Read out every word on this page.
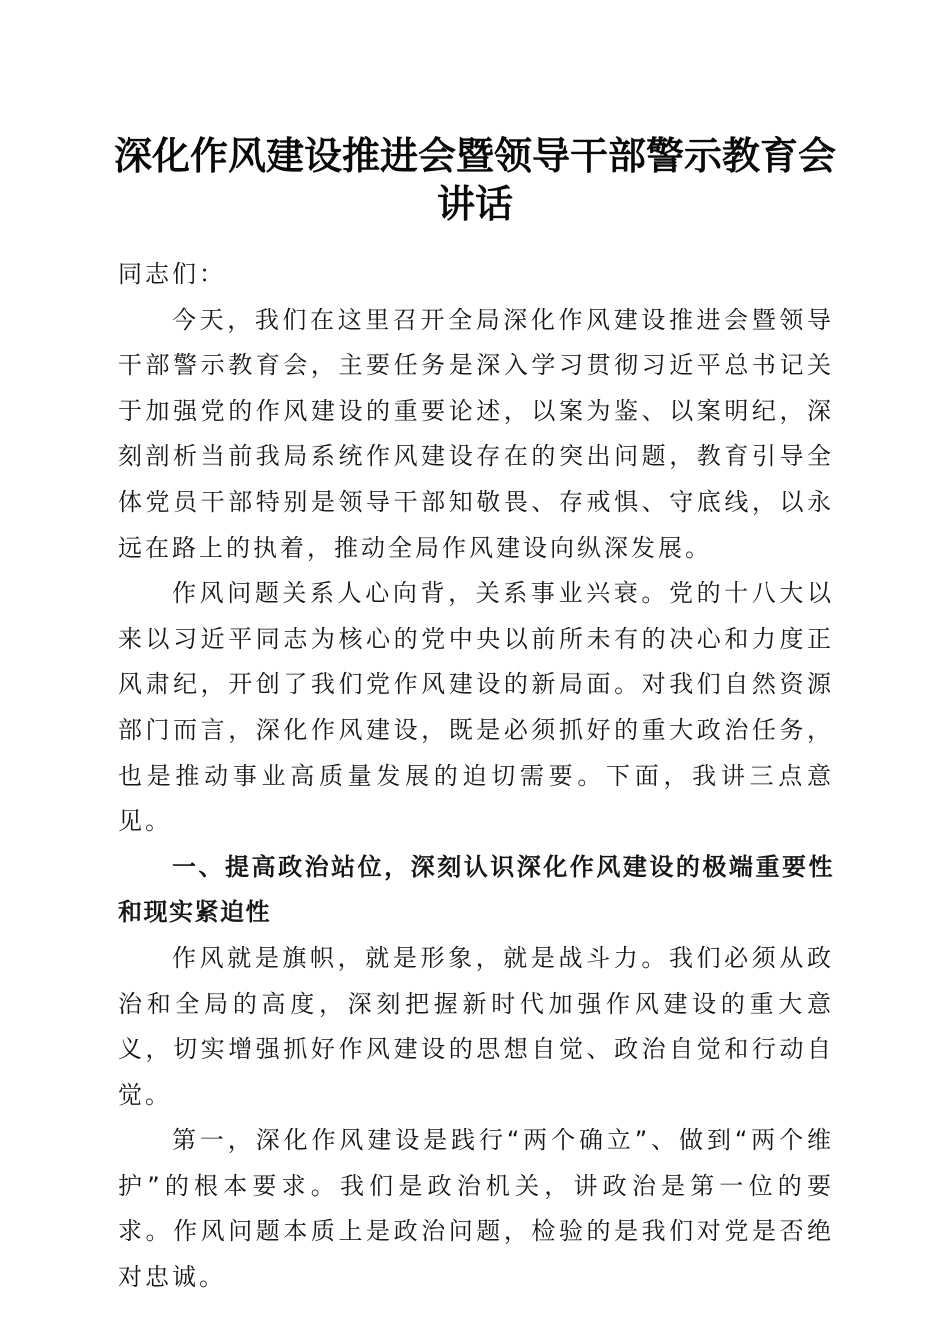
深化作风建设推进会暨领导干部警示教育会讲话

同志们：

今天，我们在这里召开全局深化作风建设推进会暨领导干部警示教育会，主要任务是深入学习贯彻习近平总书记关于加强党的作风建设的重要论述，以案为鉴、以案明纪，深刻剖析当前我局系统作风建设存在的突出问题，教育引导全体党员干部特别是领导干部知敬畏、存戒惧、守底线，以永远在路上的执着，推动全局作风建设向纵深发展。

作风问题关系人心向背，关系事业兴衰。党的十八大以来以习近平同志为核心的党中央以前所未有的决心和力度正风肃纪，开创了我们党作风建设的新局面。对我们自然资源部门而言，深化作风建设，既是必须抓好的重大政治任务，也是推动事业高质量发展的迫切需要。下面，我讲三点意见。

一、提高政治站位，深刻认识深化作风建设的极端重要性和现实紧迫性

作风就是旗帜，就是形象，就是战斗力。我们必须从政治和全局的高度，深刻把握新时代加强作风建设的重大意义，切实增强抓好作风建设的思想自觉、政治自觉和行动自觉。

第一，深化作风建设是践行“两个确立”、做到“两个维护”的根本要求。我们是政治机关，讲政治是第一位的要求。作风问题本质上是政治问题，检验的是我们对党是否绝对忠诚。
